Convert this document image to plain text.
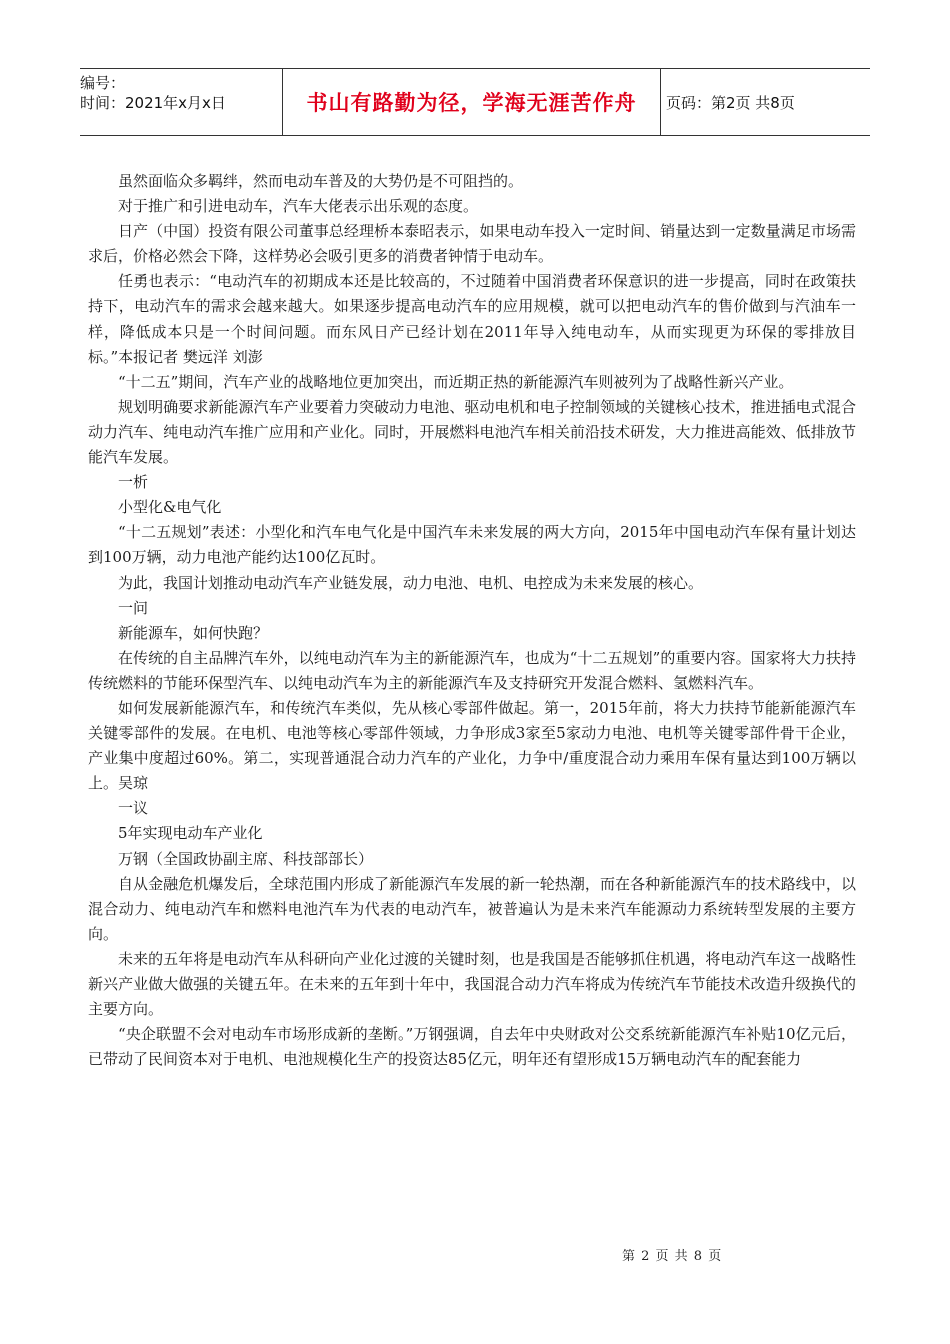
编号：
时间：2021年x月x日	书山有路勤为径，学海无涯苦作舟	页码：第2页 共8页

虽然面临众多羁绊，然而电动车普及的大势仍是不可阻挡的。

对于推广和引进电动车，汽车大佬表示出乐观的态度。

日产（中国）投资有限公司董事总经理桥本泰昭表示，如果电动车投入一定时间、销量达到一定数量满足市场需求后，价格必然会下降，这样势必会吸引更多的消费者钟情于电动车。

任勇也表示：“电动汽车的初期成本还是比较高的，不过随着中国消费者环保意识的进一步提高，同时在政策扶持下，电动汽车的需求会越来越大。如果逐步提高电动汽车的应用规模，就可以把电动汽车的售价做到与汽油车一样，降低成本只是一个时间问题。而东风日产已经计划在2011年导入纯电动车，从而实现更为环保的零排放目标。”本报记者 樊远洋 刘澎

“十二五”期间，汽车产业的战略地位更加突出，而近期正热的新能源汽车则被列为了战略性新兴产业。

规划明确要求新能源汽车产业要着力突破动力电池、驱动电机和电子控制领域的关键核心技术，推进插电式混合动力汽车、纯电动汽车推广应用和产业化。同时，开展燃料电池汽车相关前沿技术研发，大力推进高能效、低排放节能汽车发展。

一析

小型化&电气化

“十二五规划”表述：小型化和汽车电气化是中国汽车未来发展的两大方向，2015年中国电动汽车保有量计划达到100万辆，动力电池产能约达100亿瓦时。

为此，我国计划推动电动汽车产业链发展，动力电池、电机、电控成为未来发展的核心。

一问

新能源车，如何快跑？

在传统的自主品牌汽车外，以纯电动汽车为主的新能源汽车，也成为“十二五规划”的重要内容。国家将大力扶持传统燃料的节能环保型汽车、以纯电动汽车为主的新能源汽车及支持研究开发混合燃料、氢燃料汽车。

如何发展新能源汽车，和传统汽车类似，先从核心零部件做起。第一，2015年前，将大力扶持节能新能源汽车关键零部件的发展。在电机、电池等核心零部件领域，力争形成3家至5家动力电池、电机等关键零部件骨干企业，产业集中度超过60%。第二，实现普通混合动力汽车的产业化，力争中/重度混合动力乘用车保有量达到100万辆以上。吴琼

一议

5年实现电动车产业化

万钢（全国政协副主席、科技部部长）

自从金融危机爆发后，全球范围内形成了新能源汽车发展的新一轮热潮，而在各种新能源汽车的技术路线中，以混合动力、纯电动汽车和燃料电池汽车为代表的电动汽车，被普遍认为是未来汽车能源动力系统转型发展的主要方向。

未来的五年将是电动汽车从科研向产业化过渡的关键时刻，也是我国是否能够抓住机遇，将电动汽车这一战略性新兴产业做大做强的关键五年。在未来的五年到十年中，我国混合动力汽车将成为传统汽车节能技术改造升级换代的主要方向。

“央企联盟不会对电动车市场形成新的垄断。”万钢强调，自去年中央财政对公交系统新能源汽车补贴10亿元后，已带动了民间资本对于电机、电池规模化生产的投资达85亿元，明年还有望形成15万辆电动汽车的配套能力

第 2 页 共 8 页
